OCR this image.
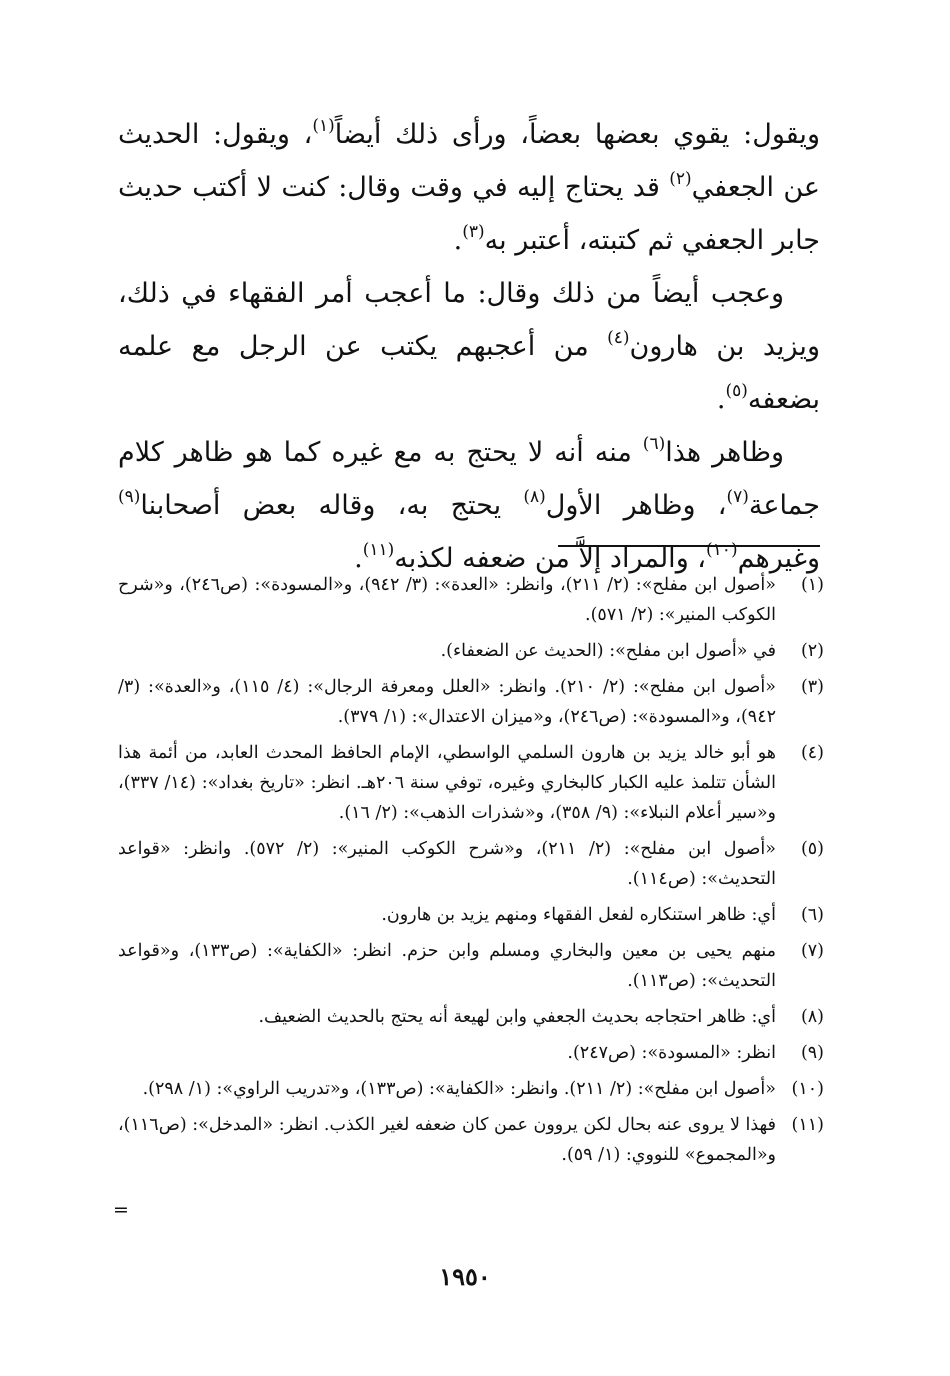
ويقول: يقوي بعضها بعضاً، ورأى ذلك أيضاً$^{(١)}$، ويقول: الحديث عن الجعفي$^{(٢)}$ قد يحتاج إليه في وقت وقال: كنت لا أكتب حديث جابر الجعفي ثم كتبته، أعتبر به$^{(٣)}$.

وعجب أيضاً من ذلك وقال: ما أعجب أمر الفقهاء في ذلك، ويزيد بن هارون$^{(٤)}$ من أعجبهم يكتب عن الرجل مع علمه بضعفه$^{(٥)}$.

وظاهر هذا$^{(٦)}$ منه أنه لا يحتج به مع غيره كما هو ظاهر كلام جماعة$^{(٧)}$، وظاهر الأول$^{(٨)}$ يحتج به، وقاله بعض أصحابنا$^{(٩)}$ وغيرهم$^{(١٠)}$، والمراد إلاَّ من ضعفه لكذبه$^{(١١)}$.

(١)
«أصول ابن مفلح»: (٢/ ٢١١)، وانظر: «العدة»: (٣/ ٩٤٢)، و«المسودة»: (ص٢٤٦)، و«شرح الكوكب المنير»: (٢/ ٥٧١).
(٢)
في «أصول ابن مفلح»: (الحديث عن الضعفاء).
(٣)
«أصول ابن مفلح»: (٢/ ٢١٠). وانظر: «العلل ومعرفة الرجال»: (٤/ ١١٥)، و«العدة»: (٣/ ٩٤٢)، و«المسودة»: (ص٢٤٦)، و«ميزان الاعتدال»: (١/ ٣٧٩).
(٤)
هو أبو خالد يزيد بن هارون السلمي الواسطي، الإمام الحافظ المحدث العابد، من أئمة هذا الشأن تتلمذ عليه الكبار كالبخاري وغيره، توفي سنة ٢٠٦هـ. انظر: «تاريخ بغداد»: (١٤/ ٣٣٧)، و«سير أعلام النبلاء»: (٩/ ٣٥٨)، و«شذرات الذهب»: (٢/ ١٦).
(٥)
«أصول ابن مفلح»: (٢/ ٢١١)، و«شرح الكوكب المنير»: (٢/ ٥٧٢). وانظر: «قواعد التحديث»: (ص١١٤).
(٦)
أي: ظاهر استنكاره لفعل الفقهاء ومنهم يزيد بن هارون.
(٧)
منهم يحيى بن معين والبخاري ومسلم وابن حزم. انظر: «الكفاية»: (ص١٣٣)، و«قواعد التحديث»: (ص١١٣).
(٨)
أي: ظاهر احتجاجه بحديث الجعفي وابن لهيعة أنه يحتج بالحديث الضعيف.
(٩)
انظر: «المسودة»: (ص٢٤٧).
(١٠)
«أصول ابن مفلح»: (٢/ ٢١١). وانظر: «الكفاية»: (ص١٣٣)، و«تدريب الراوي»: (١/ ٢٩٨).
(١١)
فهذا لا يروى عنه بحال لكن يروون عمن كان ضعفه لغير الكذب. انظر: «المدخل»: (ص١١٦)، و«المجموع» للنووي: (١/ ٥٩).
=
١٩٥٠
